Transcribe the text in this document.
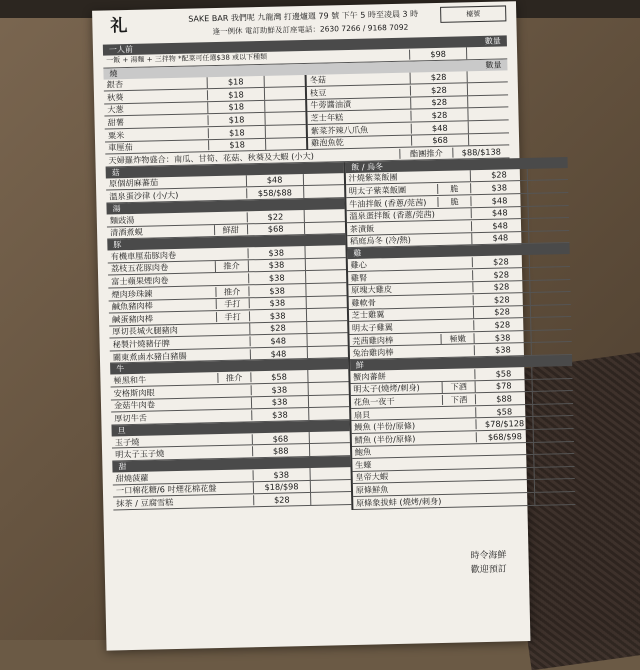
礼	SAKE BAR 我們呢 九龍灣 打邊爐週 79 號 下午 5 時至凌晨 3 時
逢一例休 電訂助鮮及訂座電話：2630 7266 / 9168 7092
檯號
一人前
數量
一飯 + 湯麵 + 三拌物 *配菜可任選$38 或以下種類	$98
燒
數量
銀杏	$18
秋葵	$18
大葱	$18
甜薯	$18
粟米	$18
車厘茄	$18
冬菇	$28
枝豆	$28
牛蒡醬油漬	$28
芝士年糕	$28
紫菜芥辣八爪魚	$48
雞泡魚乾	$68
天婦羅炸物盛合：南瓜、甘筍、花菇、秋葵及大蝦 (小大)	酯團推介	$88/$138
菇
原個胡麻蕃茄	$48
溫泉蛋沙律 (小/大)	$58/$88
湯
麵豉湯	$22
清酒煮蜆	鮮甜	$68
豚
有機車厘茄豚肉卷	$38
荔枝五花豚肉卷	推介	$38
富士蘋果煙肉卷	$38
煙肉珍珠鍊	推介	$38
鹹魚豬肉棒	手打	$38
鹹蛋豬肉棒	手打	$38
厚切長城火腿豬肉	$28
秘製汁燒豬仔脾	$48
關東煮鹵水豬白豬腸	$48
牛
極黑和牛	推介	$58
安格斯肉眼	$38
金菇牛肉卷	$38
厚切牛舌	$38
旦
玉子燒	$68
明太子玉子燒	$88
甜
甜燒菠蘿	$38
一口棉花糖/6 吋煙花棉花盤	$18/$98
抹茶 / 豆腐雪糕	$28
飯 / 烏冬
汁燒紫菜飯團	$28
明太子紫菜飯團	脆	$38
牛油拌飯 (香蔥/莞茜)	脆	$48
溫泉蛋拌飯 (香蔥/莞茜)	$48
茶漬飯	$48
稻庭烏冬 (冷/熱)	$48
雞
雞心	$28
雞腎	$28
原塊大雞皮	$28
雞軟骨	$28
芝士雞翼	$28
明太子雞翼	$28
芫茜雞肉棒	極嫩	$38
兔治雞肉棒	$38
鮮
蟹肉蕃餅	$58
明太子(燒烤/刺身)	下酒	$78
花魚一夜干	下酒	$88
扇貝	$58
鰻魚 (半份/原條)	$78/$128
鯖魚 (半份/原條)	$68/$98
鮑魚
生蠔
皇帝大蝦
原條鮮魚
原條象拔蚌 (燒烤/刺身)
時令海鮮
歡迎預訂
